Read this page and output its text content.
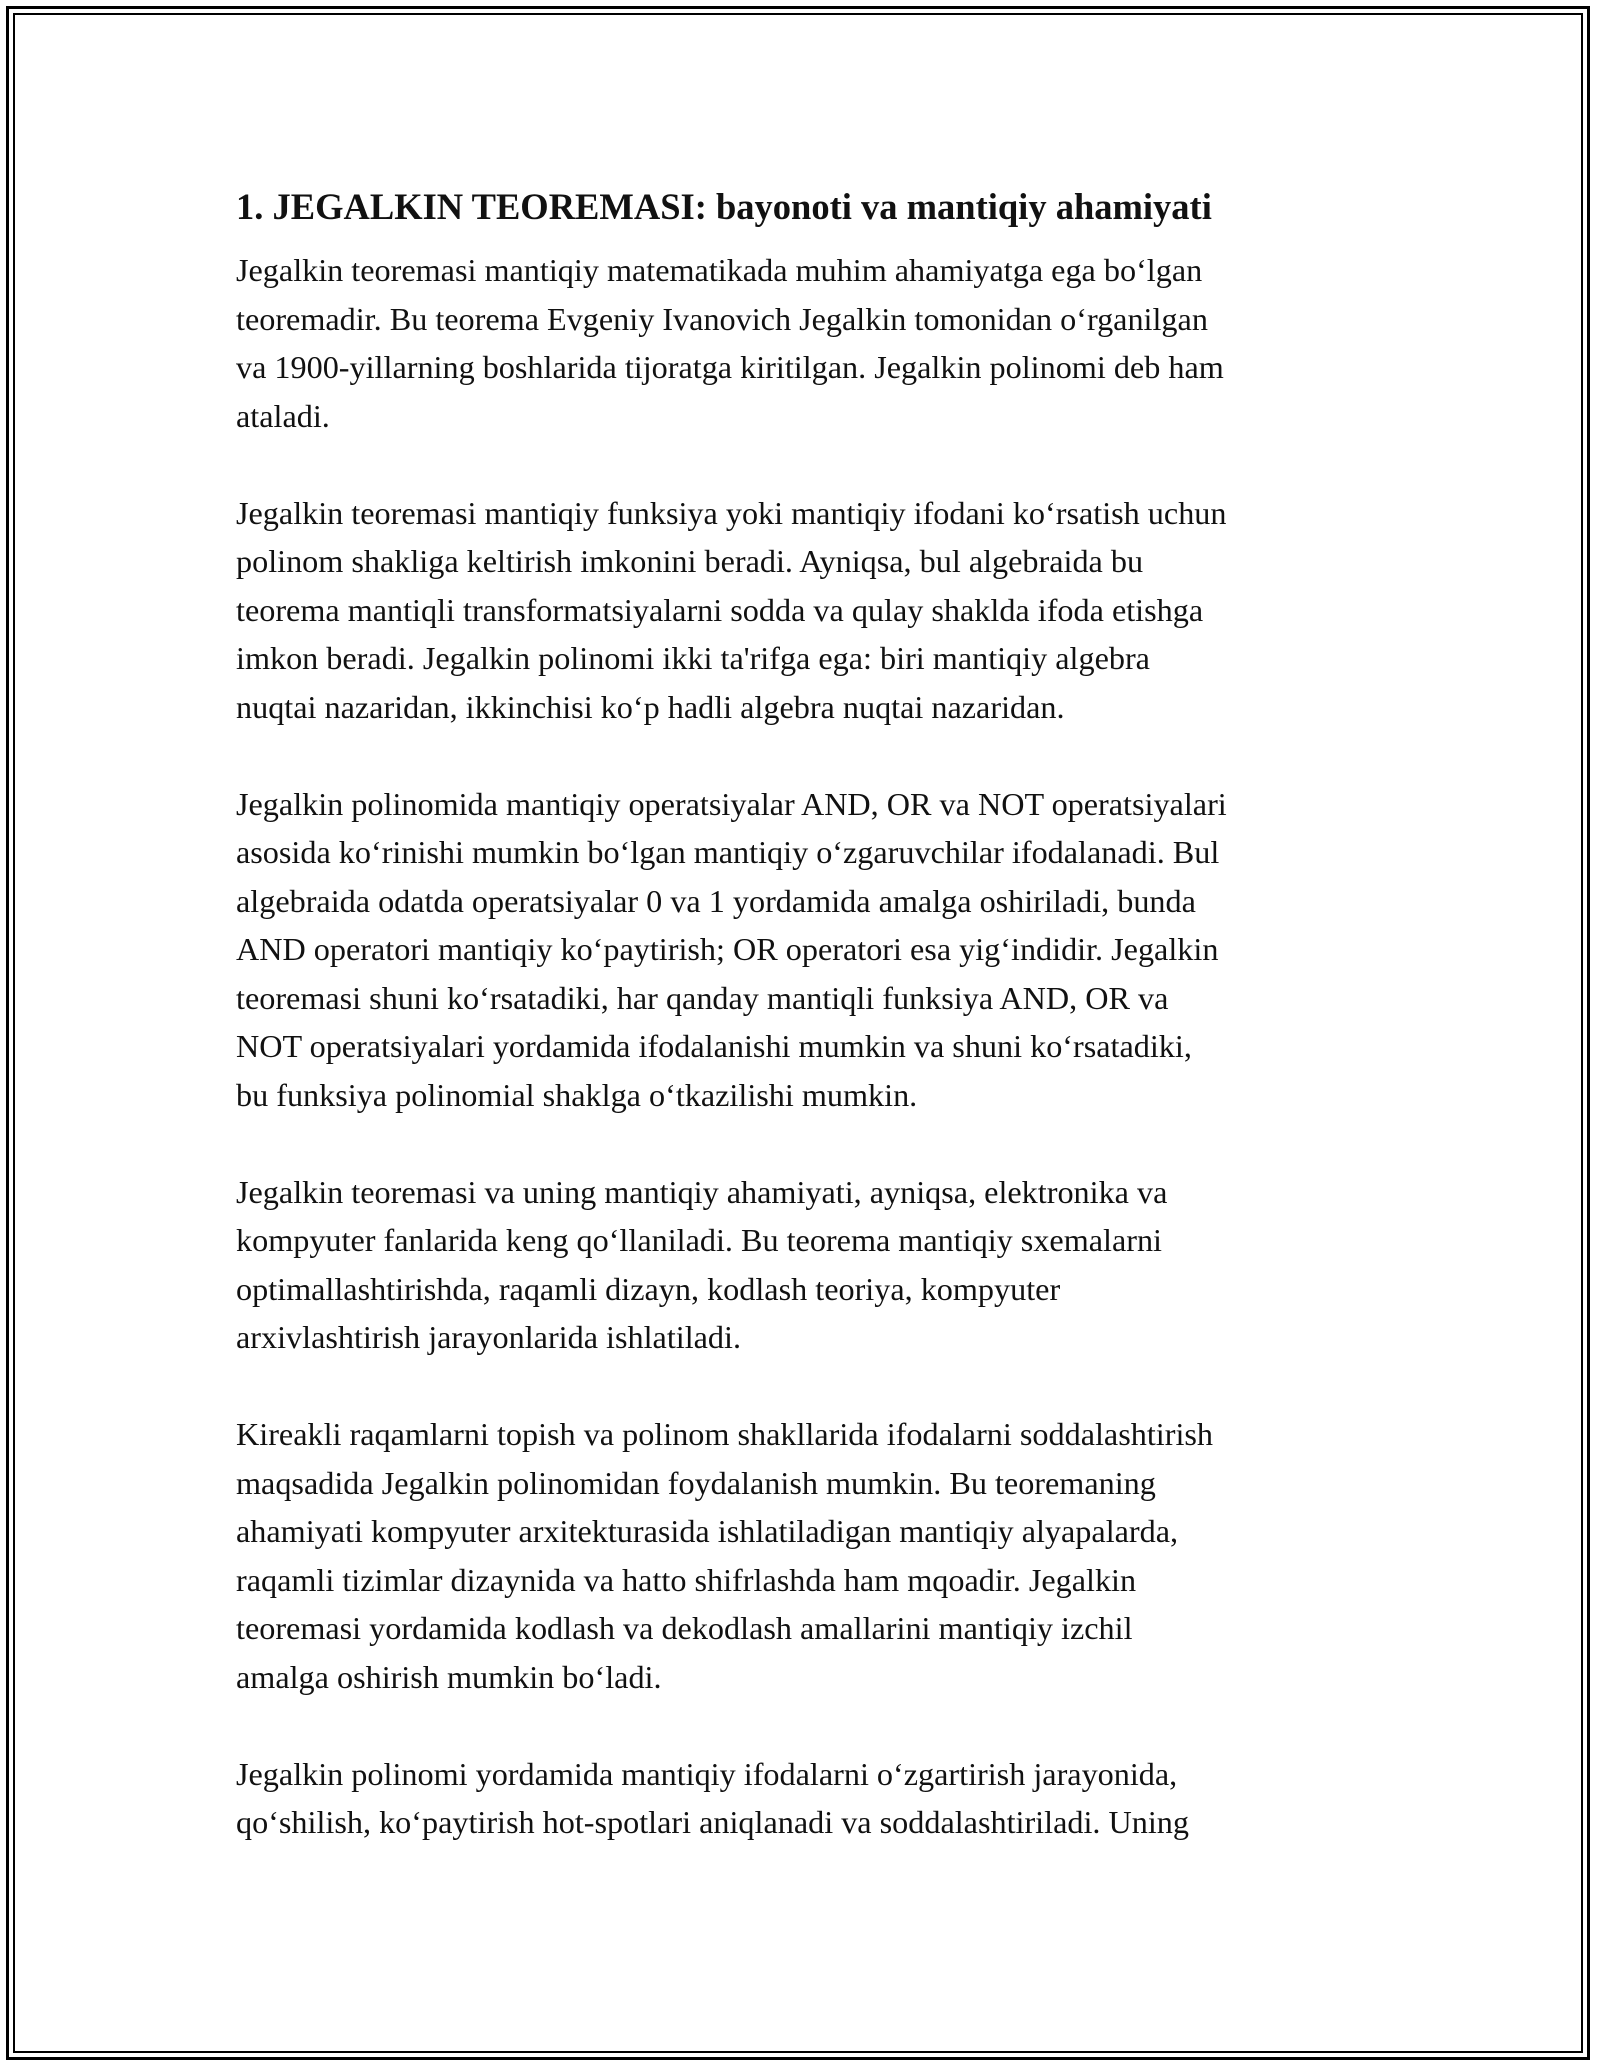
1. JEGALKIN TEOREMASI: bayonoti va mantiqiy ahamiyati

Jegalkin teoremasi mantiqiy matematikada muhim ahamiyatga ega bo‘lgan
teoremadir. Bu teorema Evgeniy Ivanovich Jegalkin tomonidan o‘rganilgan
va 1900-yillarning boshlarida tijoratga kiritilgan. Jegalkin polinomi deb ham
ataladi.

Jegalkin teoremasi mantiqiy funksiya yoki mantiqiy ifodani ko‘rsatish uchun
polinom shakliga keltirish imkonini beradi. Ayniqsa, bul algebraida bu
teorema mantiqli transformatsiyalarni sodda va qulay shaklda ifoda etishga
imkon beradi. Jegalkin polinomi ikki ta'rifga ega: biri mantiqiy algebra
nuqtai nazaridan, ikkinchisi ko‘p hadli algebra nuqtai nazaridan.

Jegalkin polinomida mantiqiy operatsiyalar AND, OR va NOT operatsiyalari
asosida ko‘rinishi mumkin bo‘lgan mantiqiy o‘zgaruvchilar ifodalanadi. Bul
algebraida odatda operatsiyalar 0 va 1 yordamida amalga oshiriladi, bunda
AND operatori mantiqiy ko‘paytirish; OR operatori esa yig‘indidir. Jegalkin
teoremasi shuni ko‘rsatadiki, har qanday mantiqli funksiya AND, OR va
NOT operatsiyalari yordamida ifodalanishi mumkin va shuni ko‘rsatadiki,
bu funksiya polinomial shaklga o‘tkazilishi mumkin.

Jegalkin teoremasi va uning mantiqiy ahamiyati, ayniqsa, elektronika va
kompyuter fanlarida keng qo‘llaniladi. Bu teorema mantiqiy sxemalarni
optimallashtirishda, raqamli dizayn, kodlash teoriya, kompyuter
arxivlashtirish jarayonlarida ishlatiladi.

Kireakli raqamlarni topish va polinom shakllarida ifodalarni soddalashtirish
maqsadida Jegalkin polinomidan foydalanish mumkin. Bu teoremaning
ahamiyati kompyuter arxitekturasida ishlatiladigan mantiqiy alyapalarda,
raqamli tizimlar dizaynida va hatto shifrlashda ham mqoadir. Jegalkin
teoremasi yordamida kodlash va dekodlash amallarini mantiqiy izchil
amalga oshirish mumkin bo‘ladi.

Jegalkin polinomi yordamida mantiqiy ifodalarni o‘zgartirish jarayonida,
qo‘shilish, ko‘paytirish hot-spotlari aniqlanadi va soddalashtiriladi. Uning
